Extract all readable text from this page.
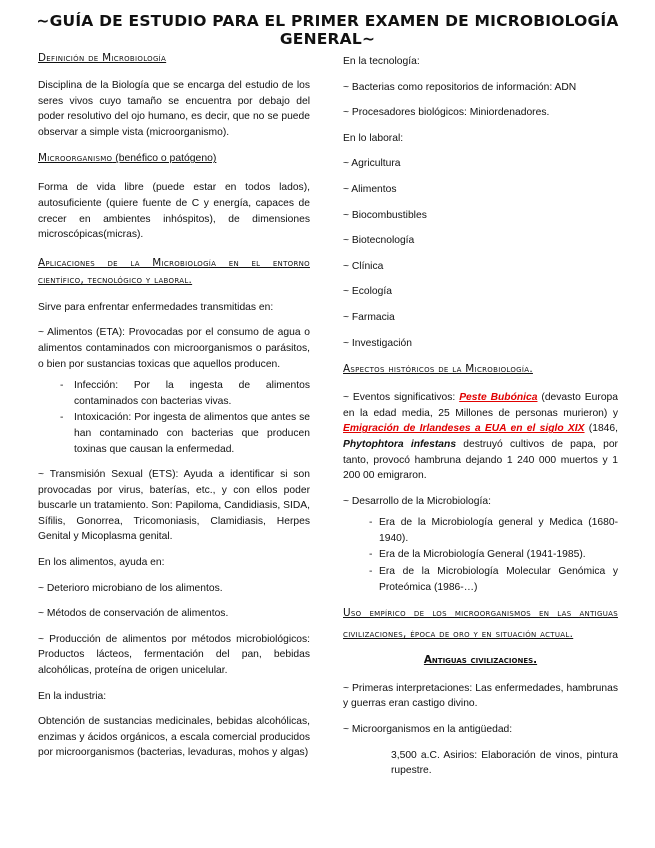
~GUÍA DE ESTUDIO PARA EL PRIMER EXAMEN DE MICROBIOLOGÍA GENERAL~
Definición de Microbiología

Disciplina de la Biología que se encarga del estudio de los seres vivos cuyo tamaño se encuentra por debajo del poder resolutivo del ojo humano, es decir, que no se puede observar a simple vista (microorganismo).

Microorganismo (benéfico o patógeno)

Forma de vida libre (puede estar en todos lados), autosuficiente (quiere fuente de C y energía, capaces de crecer en ambientes inhóspitos), de dimensiones microscópicas(micras).

Aplicaciones de la Microbiología en el entorno
científico, tecnológico y laboral.

Sirve para enfrentar enfermedades transmitidas en:

~ Alimentos (ETA): Provocadas por el consumo de agua o alimentos contaminados con microorganismos o parásitos, o bien por sustancias toxicas que aquellos producen.

- Infección: Por la ingesta de alimentos contaminados con bacterias vivas.
- Intoxicación: Por ingesta de alimentos que antes se han contaminado con bacterias que producen toxinas que causan la enfermedad.

~ Transmisión Sexual (ETS): Ayuda a identificar si son provocadas por virus, baterías, etc., y con ellos poder buscarle un tratamiento. Son: Papiloma, Candidiasis, SIDA, Sífilis, Gonorrea, Tricomoniasis, Clamidiasis, Herpes Genital y Micoplasma genital.

En los alimentos, ayuda en:

~ Deterioro microbiano de los alimentos.

~ Métodos de conservación de alimentos.

~ Producción de alimentos por métodos microbiológicos: Productos lácteos, fermentación del pan, bebidas alcohólicas, proteína de origen unicelular.

En la industria:

Obtención de sustancias medicinales, bebidas alcohólicas, enzimas y ácidos orgánicos, a escala comercial producidos por microorganismos (bacterias, levaduras, mohos y algas)

En la tecnología:

~ Bacterias como repositorios de información: ADN

~ Procesadores biológicos: Miniordenadores.

En lo laboral:

~ Agricultura

~ Alimentos

~ Biocombustibles

~ Biotecnología

~ Clínica

~ Ecología

~ Farmacia

~ Investigación

Aspectos históricos de la Microbiología.

~ Eventos significativos: Peste Bubónica (devasto Europa en la edad media, 25 Millones de personas murieron) y Emigración de Irlandeses a EUA en el siglo XIX (1846, Phytophtora infestans destruyó cultivos de papa, por tanto, provocó hambruna dejando 1 240 000 muertos y 1 200 00 emigraron.

~ Desarrollo de la Microbiología:

- Era de la Microbiología general y Medica (1680-1940).
- Era de la Microbiología General (1941-1985).
- Era de la Microbiología Molecular Genómica y Proteómica (1986-…)
Uso empírico de los microorganismos en las antiguas
civilizaciones, época de oro y en situación actual.
Antiguas civilizaciones.

~ Primeras interpretaciones: Las enfermedades, hambrunas y guerras eran castigo divino.

~ Microorganismos en la antigüedad:

3,500 a.C. Asirios: Elaboración de vinos, pintura rupestre.
